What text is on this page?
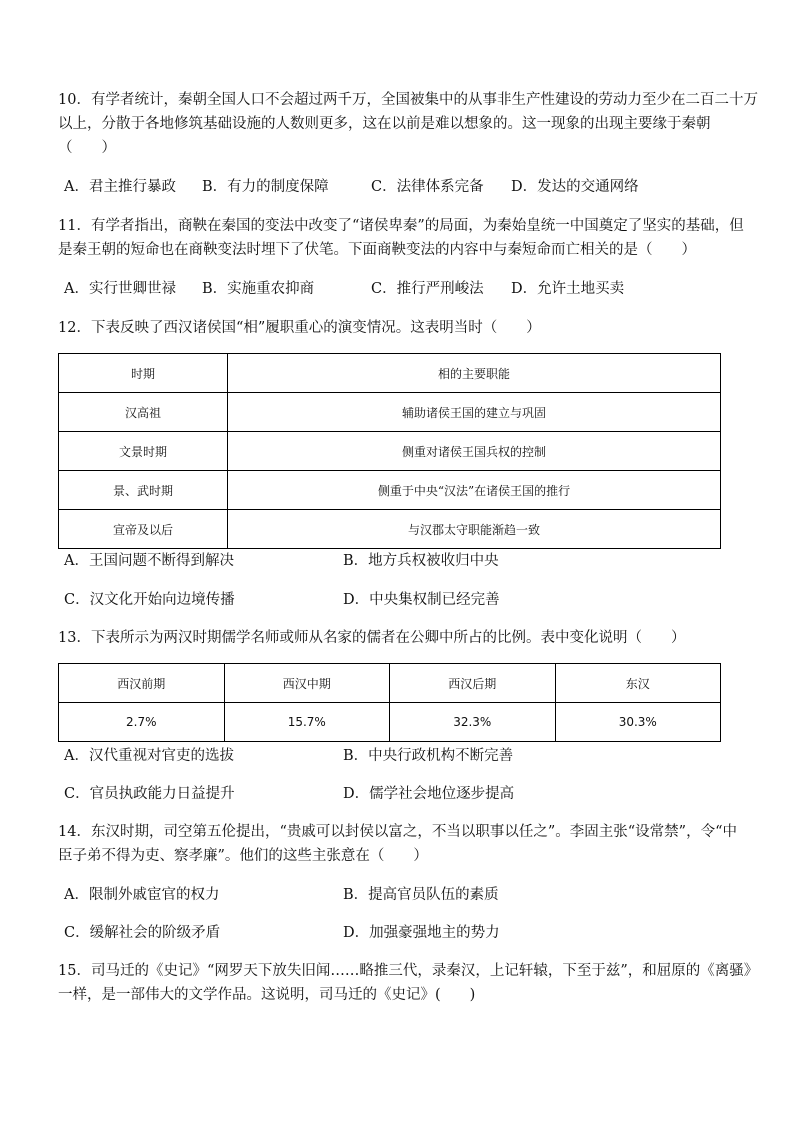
10．有学者统计，秦朝全国人口不会超过两千万，全国被集中的从事非生产性建设的劳动力至少在二百二十万
以上，分散于各地修筑基础设施的人数则更多，这在以前是难以想象的。这一现象的出现主要缘于秦朝
（　　）
A．君主推行暴政 B．有力的制度保障	C．法律体系完备 D．发达的交通网络
11．有学者指出，商鞅在秦国的变法中改变了“诸侯卑秦”的局面，为秦始皇统一中国奠定了坚实的基础，但
是秦王朝的短命也在商鞅变法时埋下了伏笔。下面商鞅变法的内容中与秦短命而亡相关的是（　　）
A．实行世卿世禄 B．实施重农抑商	C．推行严刑峻法 D．允许土地买卖
12．下表反映了西汉诸侯国“相”履职重心的演变情况。这表明当时（　　）
时期	相的主要职能
汉高祖	辅助诸侯王国的建立与巩固
文景时期	侧重对诸侯王国兵权的控制
景、武时期	侧重于中央“汉法”在诸侯王国的推行
宣帝及以后	与汉郡太守职能渐趋一致
A．王国问题不断得到解决	B．地方兵权被收归中央
C．汉文化开始向边境传播	D．中央集权制已经完善
13．下表所示为两汉时期儒学名师或师从名家的儒者在公卿中所占的比例。表中变化说明（　　）
西汉前期	西汉中期	西汉后期	东汉
2.7%	15.7%	32.3%	30.3%
A．汉代重视对官吏的选拔	B．中央行政机构不断完善
C．官员执政能力日益提升	D．儒学社会地位逐步提高
14．东汉时期，司空第五伦提出，“贵戚可以封侯以富之，不当以职事以任之”。李固主张“设常禁”，令“中
臣子弟不得为吏、察孝廉”。他们的这些主张意在（　　）
A．限制外戚宦官的权力	B．提高官员队伍的素质
C．缓解社会的阶级矛盾	D．加强豪强地主的势力
15．司马迁的《史记》“网罗天下放失旧闻……略推三代，录秦汉，上记轩辕，下至于兹”，和屈原的《离骚》
一样，是一部伟大的文学作品。这说明，司马迁的《史记》(　　)
